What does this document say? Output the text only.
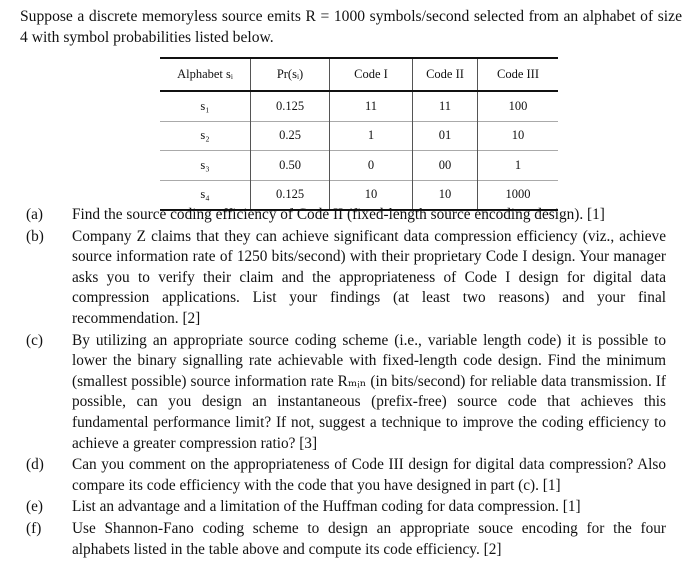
Suppose a discrete memoryless source emits R = 1000 symbols/second selected from an alphabet of size 4 with symbol probabilities listed below.
Alphabet sᵢ	Pr(sᵢ)	Code I	Code II	Code III
s₁	0.125	11	11	100
s₂	0.25	1	01	10
s₃	0.50	0	00	1
s₄	0.125	10	10	1000
(a) Find the source coding efficiency of Code II (fixed-length source encoding design). [1]
(b) Company Z claims that they can achieve significant data compression efficiency (viz., achieve source information rate of 1250 bits/second) with their proprietary Code I design. Your manager asks you to verify their claim and the appropriateness of Code I design for digital data compression applications. List your findings (at least two reasons) and your final recommendation. [2]
(c) By utilizing an appropriate source coding scheme (i.e., variable length code) it is possible to lower the binary signalling rate achievable with fixed-length code design. Find the minimum (smallest possible) source information rate Rₘᵢₙ (in bits/second) for reliable data transmission. If possible, can you design an instantaneous (prefix-free) source code that achieves this fundamental performance limit? If not, suggest a technique to improve the coding efficiency to achieve a greater compression ratio? [3]
(d) Can you comment on the appropriateness of Code III design for digital data compression? Also compare its code efficiency with the code that you have designed in part (c). [1]
(e) List an advantage and a limitation of the Huffman coding for data compression. [1]
(f) Use Shannon-Fano coding scheme to design an appropriate souce encoding for the four alphabets listed in the table above and compute its code efficiency. [2]
